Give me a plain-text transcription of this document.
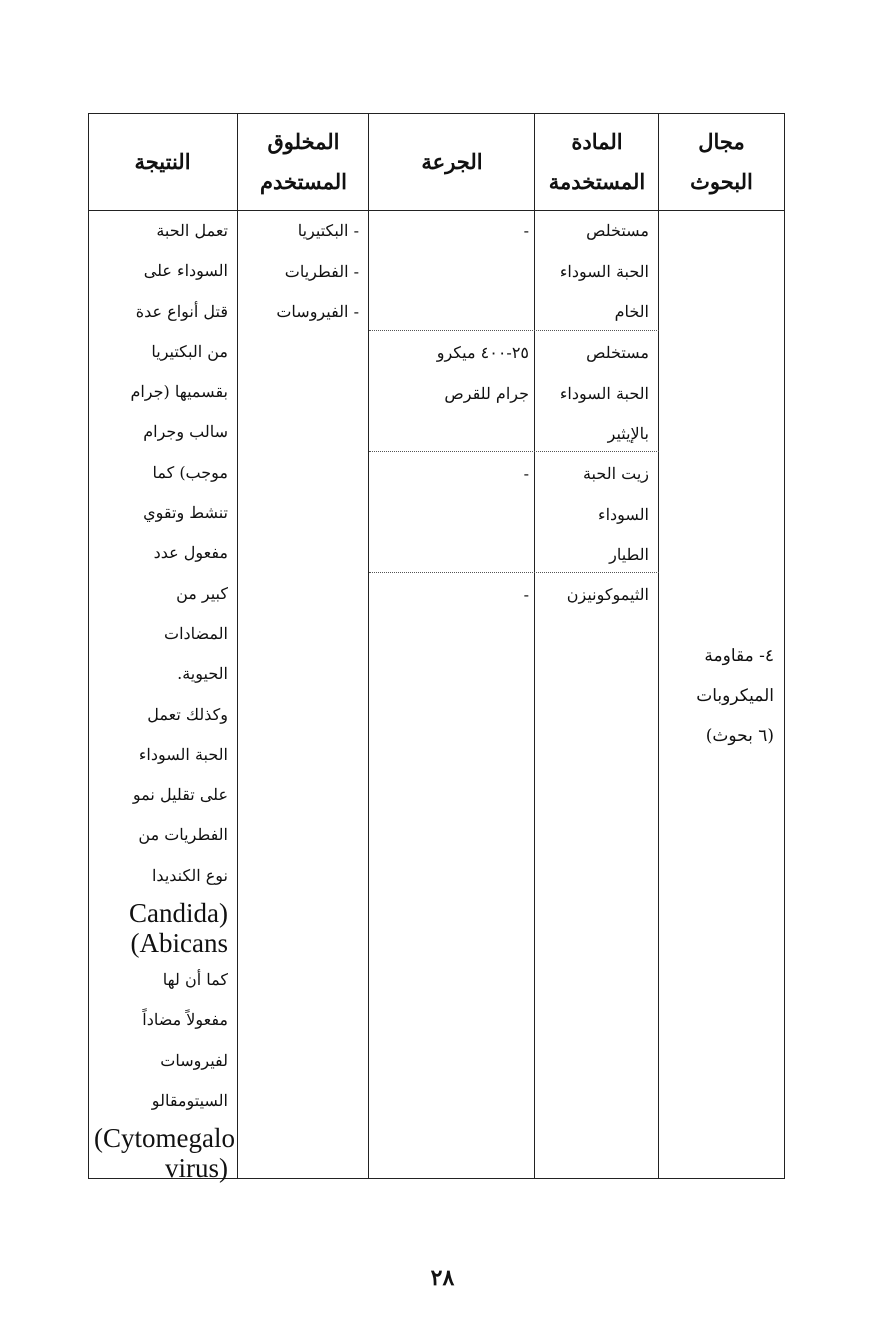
مجال
البحوث
المادة
المستخدمة
الجرعة
المخلوق
المستخدم
النتيجة
٤- مقاومة
الميكروبات
(٦ بحوث)
مستخلص
الحبة السوداء
الخام
مستخلص
الحبة السوداء
بالإيثير
زيت الحبة
السوداء
الطيار
الثيموكونيزن
-
٢٥-٤٠٠ ميكرو
جرام للقرص
-
-
- البكتيريا
- الفطريات
- الفيروسات
تعمل الحبة
السوداء على
قتل أنواع عدة
من البكتيريا
بقسميها (جرام
سالب وجرام
موجب) كما
تنشط وتقوي
مفعول عدد
كبير من
المضادات
الحيوية.
وكذلك تعمل
الحبة السوداء
على تقليل نمو
الفطريات من
نوع الكنديدا
Candida)
(Abicans
كما أن لها
مفعولاً مضاداً
لفيروسات
السيتومقالو
(Cytomegalo
virus)
٢٨
